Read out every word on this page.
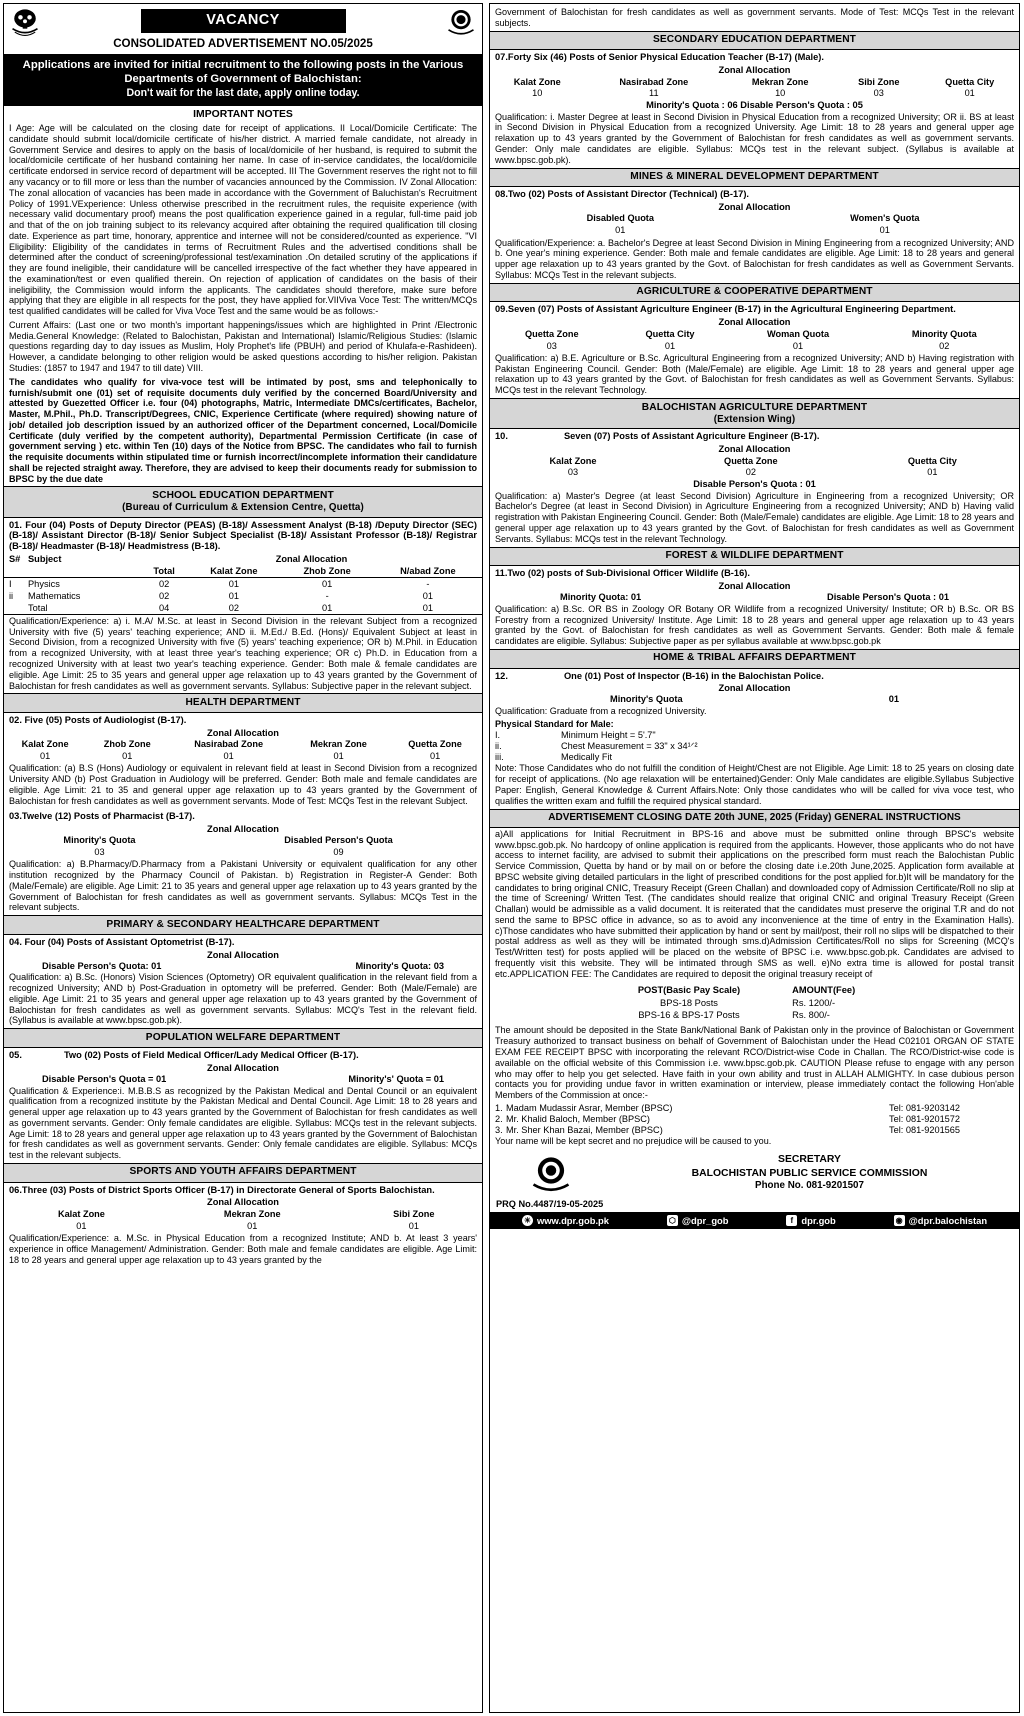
VACANCY
CONSOLIDATED ADVERTISEMENT NO.05/2025
Applications are invited for initial recruitment to the following posts in the Various
Departments of Government of Balochistan:
Don't wait for the last date, apply online today.
IMPORTANT NOTES
I Age: Age will be calculated on the closing date for receipt of applications. II Local/Domicile Certificate: The candidate should submit local/domicile certificate of his/her district. A married female candidate, not already in Government Service and desires to apply on the basis of local/domicile of her husband, is required to submit the local/domicile certificate of her husband containing her name. In case of in-service candidates, the local/domicile certificate endorsed in service record of department will be accepted. III The Government reserves the right not to fill any vacancy or to fill more or less than the number of vacancies announced by the Commission. IV Zonal Allocation: The zonal allocation of vacancies has been made in accordance with the Government of Baluchistan's Recruitment Policy of 1991.VExperience: Unless otherwise prescribed in the recruitment rules, the requisite experience (with necessary valid documentary proof) means the post qualification experience gained in a regular, full-time paid job and that of the on job training subject to its relevancy acquired after obtaining the required qualification till closing date. Experience as part time, honorary, apprentice and internee will not be considered/counted as experience. "VI Eligibility: Eligibility of the candidates in terms of Recruitment Rules and the advertised conditions shall be determined after the conduct of screening/professional test/examination .On detailed scrutiny of the applications if they are found ineligible, their candidature will be cancelled irrespective of the fact whether they have appeared in the examination/test or even qualified therein. On rejection of application of candidates on the basis of their ineligibility, the Commission would inform the applicants. The candidates should therefore, make sure before applying that they are eligible in all respects for the post, they have applied for.VIIViva Voce Test: The written/MCQs test qualified candidates will be called for Viva Voce Test and the same would be as follows:-
Current Affairs: (Last one or two month's important happenings/issues which are highlighted in Print /Electronic Media.General Knowledge: (Related to Balochistan, Pakistan and International) Islamic/Religious Studies: (Islamic questions regarding day to day issues as Muslim, Holy Prophet's life (PBUH) and period of Khulafa-e-Rashideen). However, a candidate belonging to other religion would be asked questions according to his/her religion. Pakistan Studies: (1857 to 1947 and 1947 to till date) VIII.
The candidates who qualify for viva-voce test will be intimated by post, sms and telephonically to furnish/submit one (01) set of requisite documents duly verified by the concerned Board/University and attested by Guezetted Officer i.e. four (04) photographs, Matric, Intermediate DMCs/certificates, Bachelor, Master, M.Phil., Ph.D. Transcript/Degrees, CNIC, Experience Certificate (where required) showing nature of job/ detailed job description issued by an authorized officer of the Department concerned, Local/Domicile Certificate (duly verified by the competent authority), Departmental Permission Certificate (in case of government serving ) etc. within Ten (10) days of the Notice from BPSC. The candidates who fail to furnish the requisite documents within stipulated time or furnish incorrect/incomplete information their candidature shall be rejected straight away. Therefore, they are advised to keep their documents ready for submission to BPSC by the due date
SCHOOL EDUCATION DEPARTMENT
(Bureau of Curriculum & Extension Centre, Quetta)
01. Four (04) Posts of Deputy Director (PEAS) (B-18)/ Assessment Analyst (B-18) /Deputy Director (SEC) (B-18)/ Assistant Director (B-18)/ Senior Subject Specialist (B-18)/ Assistant Professor (B-18)/ Registrar (B-18)/ Headmaster (B-18)/ Headmistress (B-18).
S#	Subject	Zonal Allocation			
		Total	Kalat Zone	Zhob Zone	N/abad Zone
I	Physics	02	01	01	-
ii	Mathematics	02	01	-	01
	Total	04	02	01	01
Qualification/Experience: a) i. M.A/ M.Sc. at least in Second Division in the relevant Subject from a recognized University with five (5) years' teaching experience; AND ii. M.Ed./ B.Ed. (Hons)/ Equivalent Subject at least in Second Division, from a recognized University with five (5) years' teaching experience; OR b) M.Phil. in Education from a recognized University, with at least three year's teaching experience; OR c) Ph.D. in Education from a recognized University with at least two year's teaching experience. Gender: Both male & female candidates are eligible. Age Limit: 25 to 35 years and general upper age relaxation up to 43 years granted by the Government of Balochistan for fresh candidates as well as government servants. Syllabus: Subjective paper in the relevant subject.
HEALTH DEPARTMENT
02. Five (05) Posts of Audiologist (B-17).
Zonal Allocation
Kalat Zone	Zhob Zone	Nasirabad Zone	Mekran Zone	Quetta Zone
01	01	01	01	01
Qualification: (a) B.S (Hons) Audiology or equivalent in relevant field at least in Second Division from a recognized University AND (b) Post Graduation in Audiology will be preferred. Gender: Both male and female candidates are eligible. Age Limit: 21 to 35 and general upper age relaxation up to 43 years granted by the Government of Balochistan for fresh candidates as well as government servants. Mode of Test: MCQs Test in the relevant Subject.
03.Twelve (12) Posts of Pharmacist (B-17).
Zonal Allocation
Minority's Quota	Disabled Person's Quota
03	09
Qualification: a) B.Pharmacy/D.Pharmacy from a Pakistani University or equivalent qualification for any other institution recognized by the Pharmacy Council of Pakistan. b) Registration in Register-A Gender: Both (Male/Female) are eligible. Age Limit: 21 to 35 years and general upper age relaxation up to 43 years granted by the Government of Balochistan for fresh candidates as well as government servants. Syllabus: MCQs Test in the relevant subjects.
PRIMARY & SECONDARY HEALTHCARE DEPARTMENT
04. Four (04) Posts of Assistant Optometrist (B-17).
Zonal Allocation
Disable Person's Quota: 01	Minority's Quota: 03
Qualification: a) B.Sc. (Honors) Vision Sciences (Optometry) OR equivalent qualification in the relevant field from a recognized University; AND b) Post-Graduation in optometry will be preferred. Gender: Both (Male/Female) are eligible. Age Limit: 21 to 35 years and general upper age relaxation up to 43 years granted by the Government of Balochistan for fresh candidates as well as government servants. Syllabus: MCQ's Test in the relevant field. (Syllabus is available at www.bpsc.gob.pk).
POPULATION WELFARE DEPARTMENT
05.	Two (02) Posts of Field Medical Officer/Lady Medical Officer (B-17).
Zonal Allocation
Disable Person's Quota = 01	Minority's' Quota = 01
Qualification & Experience:i. M.B.B.S as recognized by the Pakistan Medical and Dental Council or an equivalent qualification from a recognized institute by the Pakistan Medical and Dental Council. Age Limit: 18 to 28 years and general upper age relaxation up to 43 years granted by the Government of Balochistan for fresh candidates as well as government servants. Gender: Only female candidates are eligible. Syllabus: MCQs test in the relevant subjects. Age Limit: 18 to 28 years and general upper age relaxation up to 43 years granted by the Government of Balochistan for fresh candidates as well as government servants. Gender: Only female candidates are eligible. Syllabus: MCQs test in the relevant subjects.
SPORTS AND YOUTH AFFAIRS DEPARTMENT
06.Three (03) Posts of District Sports Officer (B-17) in Directorate General of Sports Balochistan.
Zonal Allocation
Kalat Zone	Mekran Zone	Sibi Zone
01	01	01
Qualification/Experience: a. M.Sc. in Physical Education from a recognized Institute; AND b. At least 3 years' experience in office Management/ Administration. Gender: Both male and female candidates are eligible. Age Limit: 18 to 28 years and general upper age relaxation up to 43 years granted by the
Government of Balochistan for fresh candidates as well as government servants. Mode of Test: MCQs Test in the relevant subjects.
SECONDARY EDUCATION DEPARTMENT
07.Forty Six (46) Posts of Senior Physical Education Teacher (B-17) (Male).
Zonal Allocation
Kalat Zone	Nasirabad Zone	Mekran Zone	Sibi Zone	Quetta City
10	11	10	03	01
Minority's Quota : 06 Disable Person's Quota : 05
Qualification: i. Master Degree at least in Second Division in Physical Education from a recognized University; OR ii. BS at least in Second Division in Physical Education from a recognized University. Age Limit: 18 to 28 years and general upper age relaxation up to 43 years granted by the Government of Balochistan for fresh candidates as well as government servants. Gender: Only male candidates are eligible. Syllabus: MCQs test in the relevant subject. (Syllabus is available at www.bpsc.gob.pk).
MINES & MINERAL DEVELOPMENT DEPARTMENT
08.Two (02) Posts of Assistant Director (Technical) (B-17).
Zonal Allocation
Disabled Quota	Women's Quota
01	01
Qualification/Experience: a. Bachelor's Degree at least Second Division in Mining Engineering from a recognized University; AND b. One year's mining experience. Gender: Both male and female candidates are eligible. Age Limit: 18 to 28 years and general upper age relaxation up to 43 years granted by the Govt. of Balochistan for fresh candidates as well as Government Servants. Syllabus: MCQs Test in the relevant subjects.
AGRICULTURE & COOPERATIVE DEPARTMENT
09.Seven (07) Posts of Assistant Agriculture Engineer (B-17) in the Agricultural Engineering Department.
Zonal Allocation
Quetta Zone	Quetta City	Woman Quota	Minority Quota
03	01	01	02
Qualification: a) B.E. Agriculture or B.Sc. Agricultural Engineering from a recognized University; AND b) Having registration with Pakistan Engineering Council. Gender: Both (Male/Female) are eligible. Age Limit: 18 to 28 years and general upper age relaxation up to 43 years granted by the Govt. of Balochistan for fresh candidates as well as Government Servants. Syllabus: MCQs test in the relevant Technology.
BALOCHISTAN AGRICULTURE DEPARTMENT
(Extension Wing)
10.	Seven (07) Posts of Assistant Agriculture Engineer (B-17).
Zonal Allocation
Kalat Zone	Quetta Zone	Quetta City
03	02	01
Disable Person's Quota : 01
Qualification: a) Master's Degree (at least Second Division) Agriculture in Engineering from a recognized University; OR Bachelor's Degree (at least in Second Division) in Agriculture Engineering from a recognized University; AND b) Having valid registration with Pakistan Engineering Council. Gender: Both (Male/Female) candidates are eligible. Age Limit: 18 to 28 years and general upper age relaxation up to 43 years granted by the Govt. of Balochistan for fresh candidates as well as Government Servants. Syllabus: MCQs test in the relevant Technology.
FOREST & WILDLIFE DEPARTMENT
11.Two (02) posts of Sub-Divisional Officer Wildlife (B-16).
Zonal Allocation
Minority Quota: 01	Disable Person's Quota : 01
Qualification: a) B.Sc. OR BS in Zoology OR Botany OR Wildlife from a recognized University/ Institute; OR b) B.Sc. OR BS Forestry from a recognized University/ Institute. Age Limit: 18 to 28 years and general upper age relaxation up to 43 years granted by the Govt. of Balochistan for fresh candidates as well as Government Servants. Gender: Both male & female candidates are eligible. Syllabus: Subjective paper as per syllabus available at www.bpsc.gob.pk
HOME & TRIBAL AFFAIRS DEPARTMENT
12.	One (01) Post of Inspector (B-16) in the Balochistan Police.
Zonal Allocation
Minority's Quota	01
Qualification: Graduate from a recognized University.
Physical Standard for Male:
I.	Minimum Height = 5'.7"
ii.	Chest Measurement = 33" x 34¹ᐟ²
iii.	Medically Fit
Note: Those Candidates who do not fulfill the condition of Height/Chest are not Eligible. Age Limit: 18 to 25 years on closing date for receipt of applications. (No age relaxation will be entertained)Gender: Only Male candidates are eligible.Syllabus Subjective Paper: English, General Knowledge & Current Affairs.Note: Only those candidates who will be called for viva voce test, who qualifies the written exam and fulfill the required physical standard.
ADVERTISEMENT CLOSING DATE 20th JUNE, 2025 (Friday) GENERAL INSTRUCTIONS
a)All applications for Initial Recruitment in BPS-16 and above must be submitted online through BPSC's website www.bpsc.gob.pk. No hardcopy of online application is required from the applicants. However, those applicants who do not have access to internet facility, are advised to submit their applications on the prescribed form must reach the Balochistan Public Service Commission, Quetta by hand or by mail on or before the closing date i.e.20th June,2025. Application form available at BPSC website giving detailed particulars in the light of prescribed conditions for the post applied for.b)It will be mandatory for the candidates to bring original CNIC, Treasury Receipt (Green Challan) and downloaded copy of Admission Certificate/Roll no slip at the time of Screening/ Written Test. (The candidates should realize that original CNIC and original Treasury Receipt (Green Challan) would be admissible as a valid document. It is reiterated that the candidates must preserve the original T.R and do not send the same to BPSC office in advance, so as to avoid any inconvenience at the time of entry in the Examination Halls). c)Those candidates who have submitted their application by hand or sent by mail/post, their roll no slips will be dispatched to their postal address as well as they will be intimated through sms.d)Admission Certificates/Roll no slips for Screening (MCQ's Test/Written test) for posts applied will be placed on the website of BPSC i.e. www.bpsc.gob.pk. Candidates are advised to frequently visit this website. They will be intimated through SMS as well. e)No extra time is allowed for postal transit etc.APPLICATION FEE: The Candidates are required to deposit the original treasury receipt of
POST(Basic Pay Scale)	AMOUNT(Fee)
BPS-18 Posts	Rs. 1200/-
BPS-16 & BPS-17 Posts	Rs. 800/-
The amount should be deposited in the State Bank/National Bank of Pakistan only in the province of Balochistan or Government Treasury authorized to transact business on behalf of Government of Balochistan under the Head C02101 ORGAN OF STATE EXAM FEE RECEIPT BPSC with incorporating the relevant RCO/District-wise Code in Challan. The RCO/District-wise code is available on the official website of this Commission i.e. www.bpsc.gob.pk. CAUTION Please refuse to engage with any person who may offer to help you get selected. Have faith in your own ability and trust in ALLAH ALMIGHTY. In case dubious person contacts you for providing undue favor in written examination or interview, please immediately contact the following Hon'able Members of the Commission at once:-
1.	Madam Mudassir Asrar, Member (BPSC)	Tel: 081-9203142
2.	Mr. Khalid Baloch, Member (BPSC)	Tel: 081-9201572
3.	Mr. Sher Khan Bazai, Member (BPSC)	Tel: 081-9201565
Your name will be kept secret and no prejudice will be caused to you.
SECRETARY
BALOCHISTAN PUBLIC SERVICE COMMISSION
Phone No. 081-9201507
PRQ No.4487/19-05-2025
☀ www.dpr.gob.pk	⬡ @dpr_gob	f dpr.gob	◉ @dpr.balochistan
